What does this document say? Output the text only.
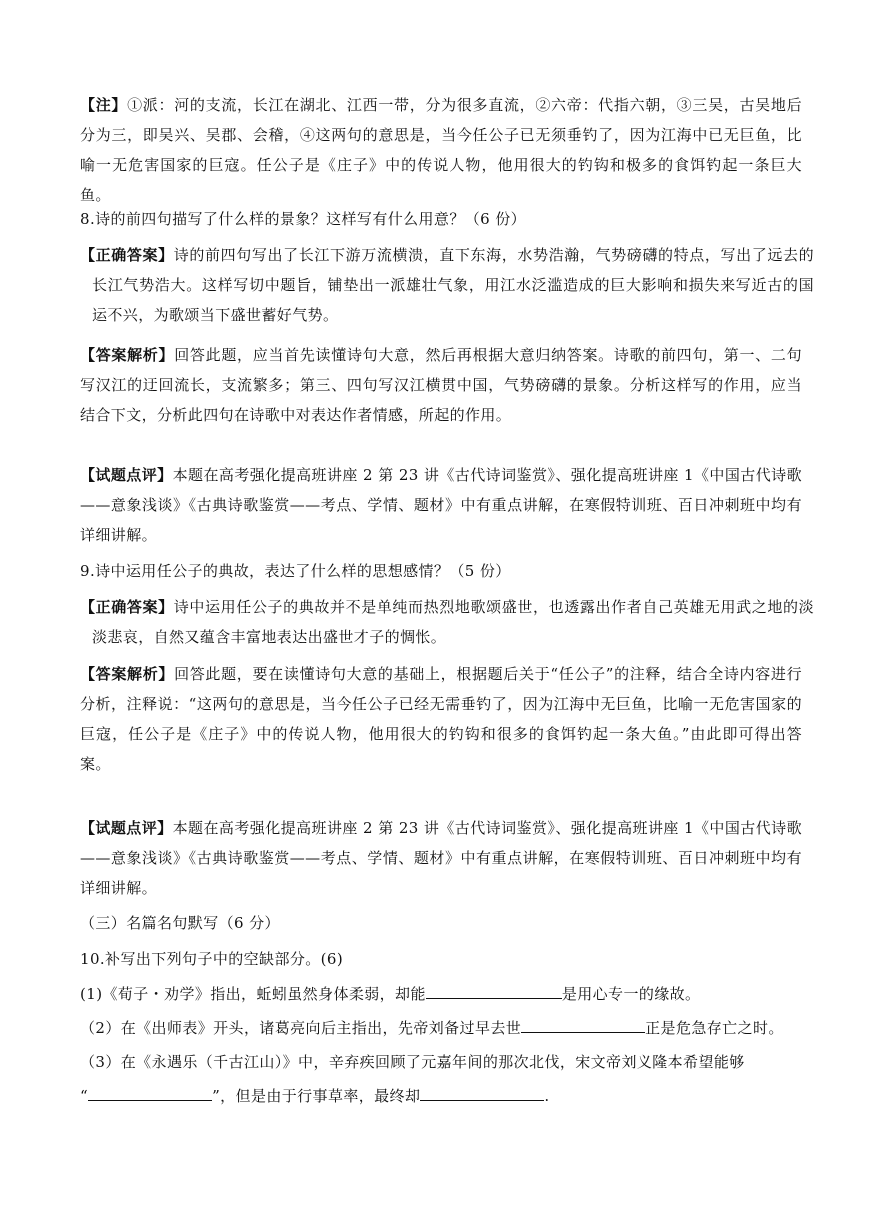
【注】①派：河的支流，长江在湖北、江西一带，分为很多直流，②六帝：代指六朝，③三吴，古吴地后分为三，即吴兴、吴郡、会稽，④这两句的意思是，当今任公子已无须垂钓了，因为江海中已无巨鱼，比喻一无危害国家的巨寇。任公子是《庄子》中的传说人物，他用很大的钓钩和极多的食饵钓起一条巨大鱼。
8.诗的前四句描写了什么样的景象？这样写有什么用意？（6 份）
【正确答案】诗的前四句写出了长江下游万流横溃，直下东海，水势浩瀚，气势磅礴的特点，写出了远去的长江气势浩大。这样写切中题旨，铺垫出一派雄壮气象，用江水泛滥造成的巨大影响和损失来写近古的国运不兴，为歌颂当下盛世蓄好气势。
【答案解析】回答此题，应当首先读懂诗句大意，然后再根据大意归纳答案。诗歌的前四句，第一、二句写汉江的迂回流长，支流繁多；第三、四句写汉江横贯中国，气势磅礴的景象。分析这样写的作用，应当结合下文，分析此四句在诗歌中对表达作者情感，所起的作用。
【试题点评】本题在高考强化提高班讲座 2 第 23 讲《古代诗词鉴赏》、强化提高班讲座 1《中国古代诗歌——意象浅谈》《古典诗歌鉴赏——考点、学情、题材》中有重点讲解，在寒假特训班、百日冲刺班中均有详细讲解。
9.诗中运用任公子的典故，表达了什么样的思想感情？（5 份）
【正确答案】诗中运用任公子的典故并不是单纯而热烈地歌颂盛世，也透露出作者自己英雄无用武之地的淡淡悲哀，自然又蕴含丰富地表达出盛世才子的惆怅。
【答案解析】回答此题，要在读懂诗句大意的基础上，根据题后关于“任公子”的注释，结合全诗内容进行分析，注释说：“这两句的意思是，当今任公子已经无需垂钓了，因为江海中无巨鱼，比喻一无危害国家的巨寇，任公子是《庄子》中的传说人物，他用很大的钓钩和很多的食饵钓起一条大鱼。”由此即可得出答案。
【试题点评】本题在高考强化提高班讲座 2 第 23 讲《古代诗词鉴赏》、强化提高班讲座 1《中国古代诗歌——意象浅谈》《古典诗歌鉴赏——考点、学情、题材》中有重点讲解，在寒假特训班、百日冲刺班中均有详细讲解。
（三）名篇名句默写（6 分）
10.补写出下列句子中的空缺部分。(6)
(1)《荀子・劝学》指出，蚯蚓虽然身体柔弱，却能	是用心专一的缘故。
（2）在《出师表》开头，诸葛亮向后主指出，先帝刘备过早去世	正是危急存亡之时。
（3）在《永遇乐（千古江山）》中，辛弃疾回顾了元嘉年间的那次北伐，宋文帝刘义隆本希望能够
“	”，但是由于行事草率，最终却	.
